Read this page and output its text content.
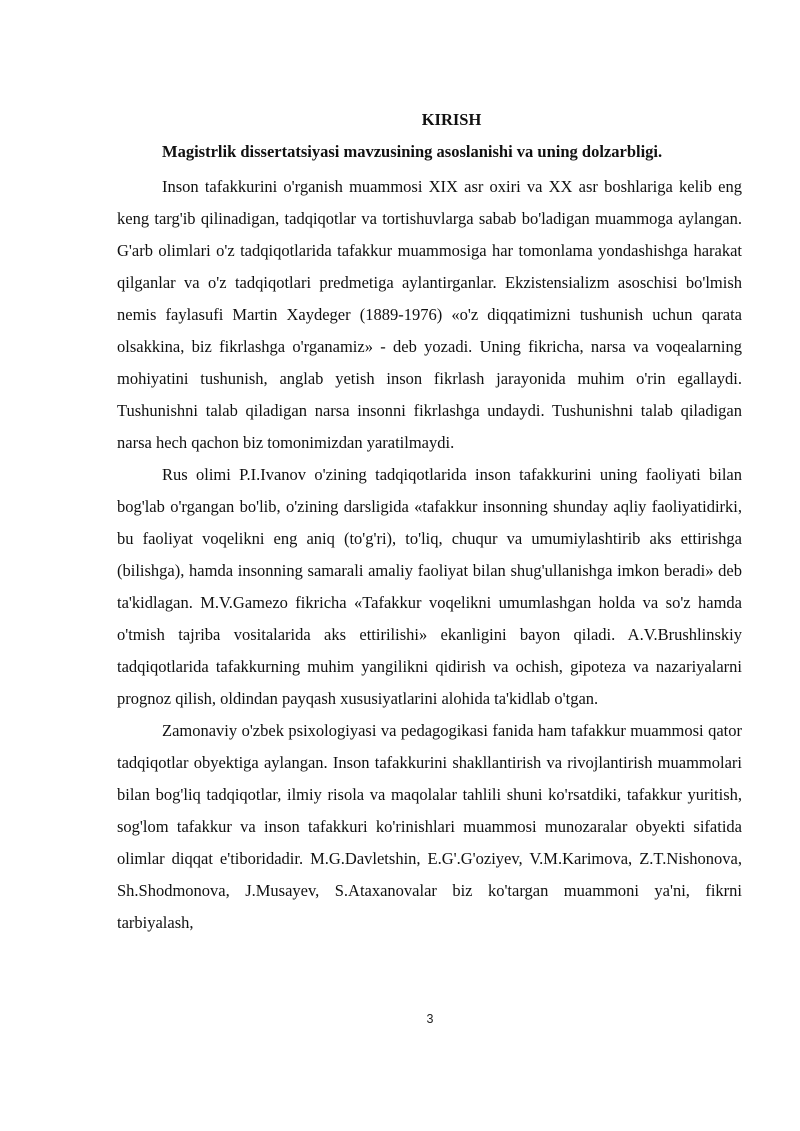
KIRISH
Magistrlik dissertatsiyasi mavzusining asoslanishi va uning dolzarbligi.

Inson tafakkurini o'rganish muammosi XIX asr oxiri va XX asr boshlariga kelib eng keng targ'ib qilinadigan, tadqiqotlar va tortishuvlarga sabab bo'ladigan muammoga aylangan. G'arb olimlari o'z tadqiqotlarida tafakkur muammosiga har tomonlama yondashishga harakat qilganlar va o'z tadqiqotlari predmetiga aylantirganlar. Ekzistensializm asoschisi bo'lmish nemis faylasufi Martin Xaydeger (1889-1976) «o'z diqqatimizni tushunish uchun qarata olsakkina, biz fikrlashga o'rganamiz» - deb yozadi. Uning fikricha, narsa va voqealarning mohiyatini tushunish, anglab yetish inson fikrlash jarayonida muhim o'rin egallaydi. Tushunishni talab qiladigan narsa insonni fikrlashga undaydi. Tushunishni talab qiladigan narsa hech qachon biz tomonimizdan yaratilmaydi.

Rus olimi P.I.Ivanov o'zining tadqiqotlarida inson tafakkurini uning faoliyati bilan bog'lab o'rgangan bo'lib, o'zining darsligida «tafakkur insonning shunday aqliy faoliyatidirki, bu faoliyat voqelikni eng aniq (to'g'ri), to'liq, chuqur va umumiylashtirib aks ettirishga (bilishga), hamda insonning samarali amaliy faoliyat bilan shug'ullanishga imkon beradi» deb ta'kidlagan. M.V.Gamezo fikricha «Tafakkur voqelikni umumlashgan holda va so'z hamda o'tmish tajriba vositalarida aks ettirilishi» ekanligini bayon qiladi. A.V.Brushlinskiy tadqiqotlarida tafakkurning muhim yangilikni qidirish va ochish, gipoteza va nazariyalarni prognoz qilish, oldindan payqash xususiyatlarini alohida ta'kidlab o'tgan.

Zamonaviy o'zbek psixologiyasi va pedagogikasi fanida ham tafakkur muammosi qator tadqiqotlar obyektiga aylangan. Inson tafakkurini shakllantirish va rivojlantirish muammolari bilan bog'liq tadqiqotlar, ilmiy risola va maqolalar tahlili shuni ko'rsatdiki, tafakkur yuritish, sog'lom tafakkur va inson tafakkuri ko'rinishlari muammosi munozaralar obyekti sifatida olimlar diqqat e'tiboridadir. M.G.Davletshin, E.G'.G'oziyev, V.M.Karimova, Z.T.Nishonova, Sh.Shodmonova, J.Musayev, S.Ataxanovalar biz ko'targan muammoni ya'ni, fikrni tarbiyalash,

3
